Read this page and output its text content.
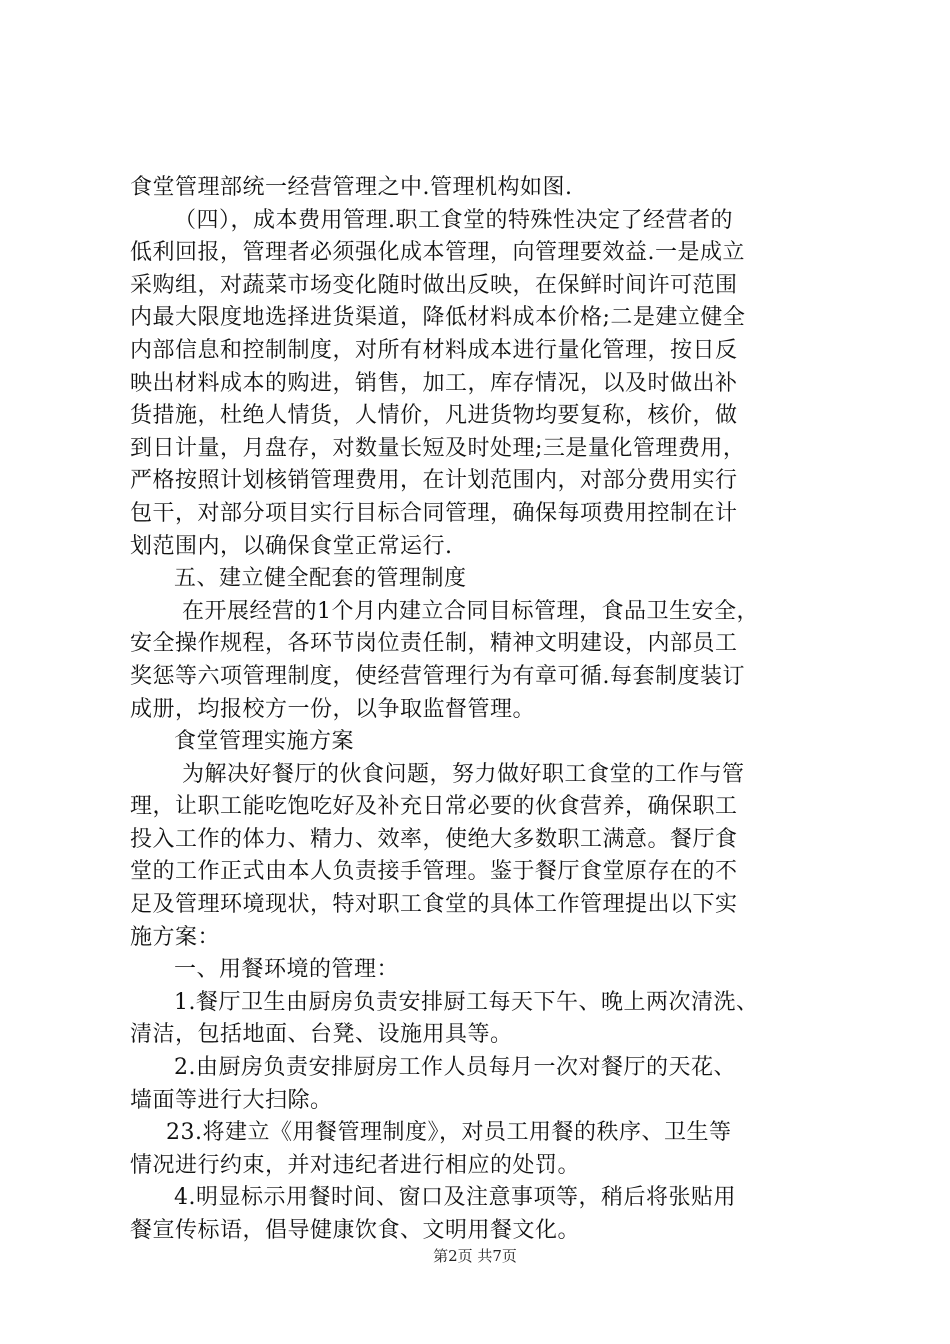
食堂管理部统一经营管理之中.管理机构如图.
（四），成本费用管理.职工食堂的特殊性决定了经营者的
低利回报，管理者必须强化成本管理，向管理要效益.一是成立
采购组，对蔬菜市场变化随时做出反映，在保鲜时间许可范围
内最大限度地选择进货渠道，降低材料成本价格;二是建立健全
内部信息和控制制度，对所有材料成本进行量化管理，按日反
映出材料成本的购进，销售，加工，库存情况，以及时做出补
货措施，杜绝人情货，人情价，凡进货物均要复称，核价，做
到日计量，月盘存，对数量长短及时处理;三是量化管理费用，
严格按照计划核销管理费用，在计划范围内，对部分费用实行
包干，对部分项目实行目标合同管理，确保每项费用控制在计
划范围内，以确保食堂正常运行.
五、建立健全配套的管理制度
在开展经营的1个月内建立合同目标管理，食品卫生安全，
安全操作规程，各环节岗位责任制，精神文明建设，内部员工
奖惩等六项管理制度，使经营管理行为有章可循.每套制度装订
成册，均报校方一份，以争取监督管理。
食堂管理实施方案
为解决好餐厅的伙食问题，努力做好职工食堂的工作与管
理，让职工能吃饱吃好及补充日常必要的伙食营养，确保职工
投入工作的体力、精力、效率，使绝大多数职工满意。餐厅食
堂的工作正式由本人负责接手管理。鉴于餐厅食堂原存在的不
足及管理环境现状，特对职工食堂的具体工作管理提出以下实
施方案：
一、用餐环境的管理：
1.餐厅卫生由厨房负责安排厨工每天下午、晚上两次清洗、
清洁，包括地面、台凳、设施用具等。
2.由厨房负责安排厨房工作人员每月一次对餐厅的天花、
墙面等进行大扫除。
23.将建立《用餐管理制度》，对员工用餐的秩序、卫生等
情况进行约束，并对违纪者进行相应的处罚。
4.明显标示用餐时间、窗口及注意事项等，稍后将张贴用
餐宣传标语，倡导健康饮食、文明用餐文化。
第2页 共7页
